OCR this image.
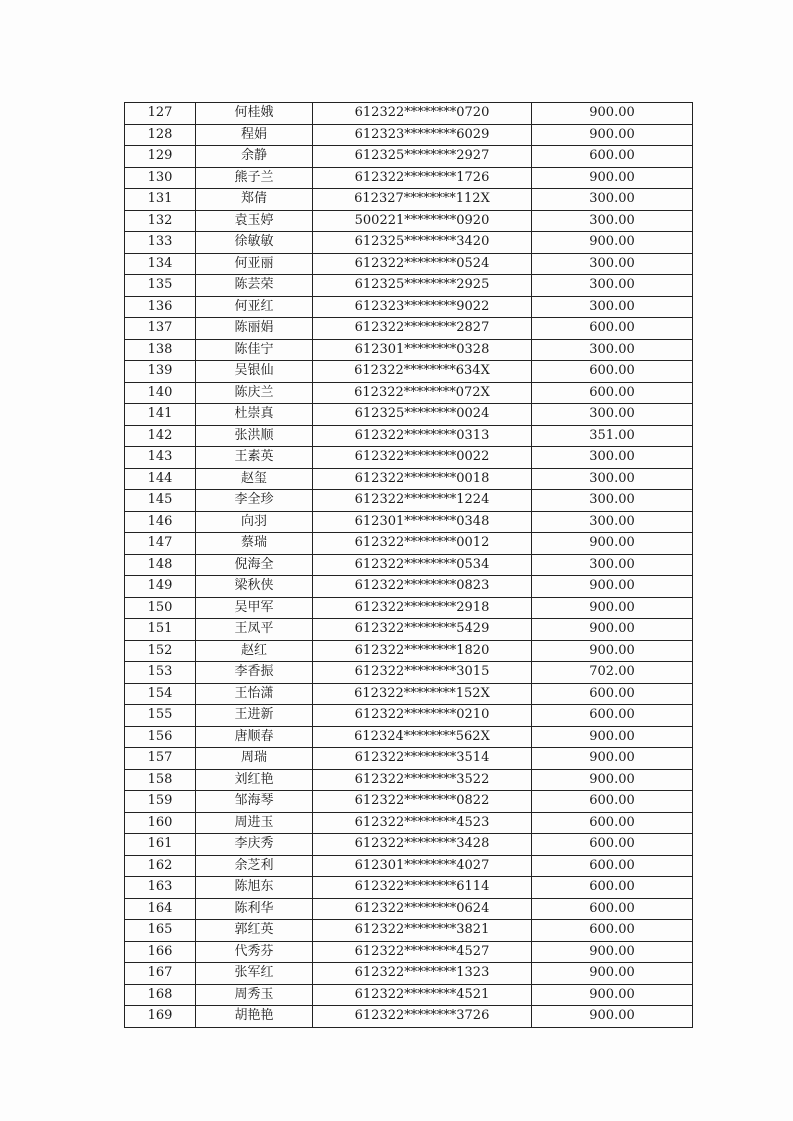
127	何桂娥	612322********0720	900.00
128	程娟	612323********6029	900.00
129	余静	612325********2927	600.00
130	熊子兰	612322********1726	900.00
131	郑倩	612327********112X	300.00
132	袁玉婷	500221********0920	300.00
133	徐敏敏	612325********3420	900.00
134	何亚丽	612322********0524	300.00
135	陈芸荣	612325********2925	300.00
136	何亚红	612323********9022	300.00
137	陈丽娟	612322********2827	600.00
138	陈佳宁	612301********0328	300.00
139	吴银仙	612322********634X	600.00
140	陈庆兰	612322********072X	600.00
141	杜崇真	612325********0024	300.00
142	张洪顺	612322********0313	351.00
143	王素英	612322********0022	300.00
144	赵玺	612322********0018	300.00
145	李全珍	612322********1224	300.00
146	向羽	612301********0348	300.00
147	蔡瑞	612322********0012	900.00
148	倪海全	612322********0534	300.00
149	梁秋侠	612322********0823	900.00
150	吴甲军	612322********2918	900.00
151	王凤平	612322********5429	900.00
152	赵红	612322********1820	900.00
153	李香振	612322********3015	702.00
154	王怡潇	612322********152X	600.00
155	王进新	612322********0210	600.00
156	唐顺春	612324********562X	900.00
157	周瑞	612322********3514	900.00
158	刘红艳	612322********3522	900.00
159	邹海琴	612322********0822	600.00
160	周进玉	612322********4523	600.00
161	李庆秀	612322********3428	600.00
162	余芝利	612301********4027	600.00
163	陈旭东	612322********6114	600.00
164	陈利华	612322********0624	600.00
165	郭红英	612322********3821	600.00
166	代秀芬	612322********4527	900.00
167	张军红	612322********1323	900.00
168	周秀玉	612322********4521	900.00
169	胡艳艳	612322********3726	900.00
